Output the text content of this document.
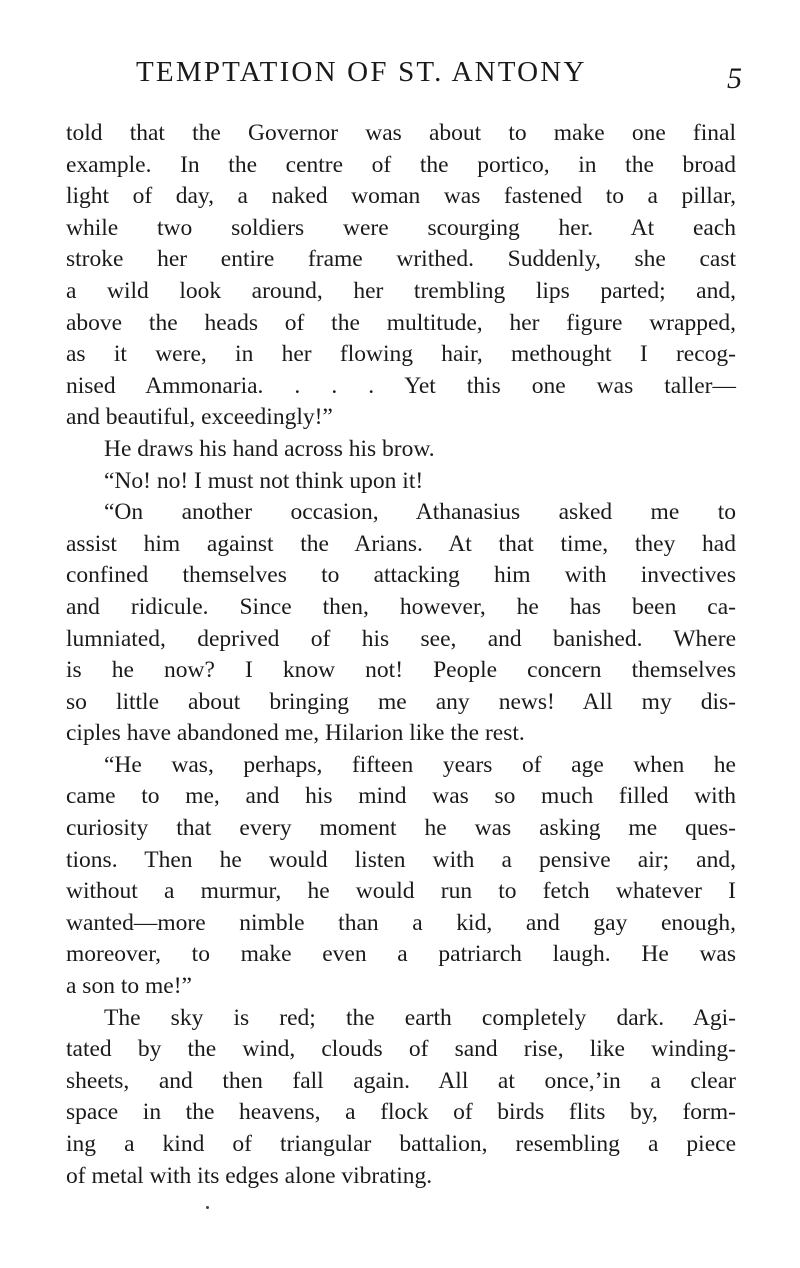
TEMPTATION OF ST. ANTONY	5
told that the Governor was about to make one final
example. In the centre of the portico, in the broad
light of day, a naked woman was fastened to a pillar,
while two soldiers were scourging her. At each
stroke her entire frame writhed. Suddenly, she cast
a wild look around, her trembling lips parted; and,
above the heads of the multitude, her figure wrapped,
as it were, in her flowing hair, methought I recog-
nised Ammonaria. . . . Yet this one was taller—
and beautiful, exceedingly!”
He draws his hand across his brow.
“No! no! I must not think upon it!
“On another occasion, Athanasius asked me to
assist him against the Arians. At that time, they had
confined themselves to attacking him with invectives
and ridicule. Since then, however, he has been ca-
lumniated, deprived of his see, and banished. Where
is he now? I know not! People concern themselves
so little about bringing me any news! All my dis-
ciples have abandoned me, Hilarion like the rest.
“He was, perhaps, fifteen years of age when he
came to me, and his mind was so much filled with
curiosity that every moment he was asking me ques-
tions. Then he would listen with a pensive air; and,
without a murmur, he would run to fetch whatever I
wanted—more nimble than a kid, and gay enough,
moreover, to make even a patriarch laugh. He was
a son to me!”
The sky is red; the earth completely dark. Agi-
tated by the wind, clouds of sand rise, like winding-
sheets, and then fall again. All at once,’in a clear
space in the heavens, a flock of birds flits by, form-
ing a kind of triangular battalion, resembling a piece
of metal with its edges alone vibrating.
